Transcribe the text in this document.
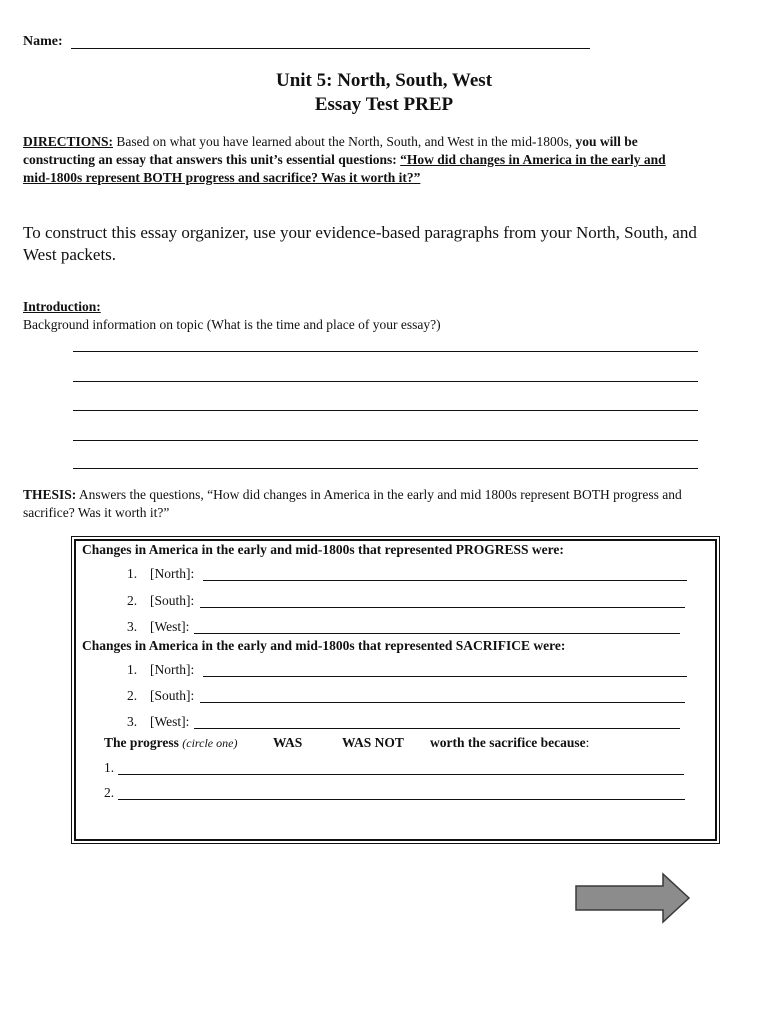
Name:
Unit 5: North, South, West
Essay Test PREP
DIRECTIONS: Based on what you have learned about the North, South, and West in the mid-1800s, you will be constructing an essay that answers this unit’s essential questions: “How did changes in America in the early and mid-1800s represent BOTH progress and sacrifice? Was it worth it?”
To construct this essay organizer, use your evidence-based paragraphs from your North, South, and West packets.
Introduction:
Background information on topic (What is the time and place of your essay?)
THESIS: Answers the questions, “How did changes in America in the early and mid 1800s represent BOTH progress and sacrifice? Was it worth it?”
Changes in America in the early and mid-1800s that represented PROGRESS were:
1. [North]:
2. [South]:
3. [West]:
Changes in America in the early and mid-1800s that represented SACRIFICE were:
1. [North]:
2. [South]:
3. [West]:
The progress (circle one)	WAS	WAS NOT worth the sacrifice because:
1.
2.
